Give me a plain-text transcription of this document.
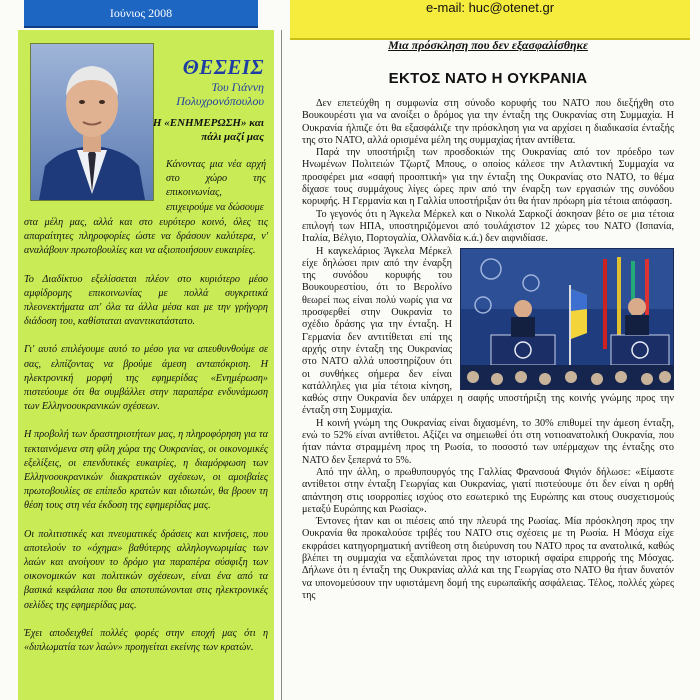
Ιούνιος 2008	e-mail: huc@otenet.gr
ΘΕΣΕΙΣ
Του Γιάννη Πολυχρονόπουλου
Η «ΕΝΗΜΕΡΩΣΗ» και πάλι μαζί μας
Κάνοντας μια νέα αρχή στο χώρο της επικοινωνίας, επιχειρούμε να δώσουμε

στα μέλη μας, αλλά και στο ευρύτερο κοινό, όλες τις απαραίτητες πληροφορίες ώστε να δράσουν καλύτερα, ν' αναλάβουν πρωτοβουλίες και να αξιοποιήσουν ευκαιρίες.

Το Διαδίκτυο εξελίσσεται πλέον στο κυριότερο μέσο αμφίδρομης επικοινωνίας με πολλά συγκριτικά πλεονεκτήματα απ' όλα τα άλλα μέσα και με την γρήγορη διάδοση του, καθίσταται αναντικατάστατο.

Γι' αυτό επιλέγουμε αυτό το μέσο για να απευθυνθούμε σε σας, ελπίζοντας να βρούμε άμεση ανταπόκριση. Η ηλεκτρονική μορφή της εφημερίδας «Ενημέρωση» πιστεύουμε ότι θα συμβάλλει στην παραπέρα ενδυνάμωση των Ελληνοουκρανικών σχέσεων.

Η προβολή των δραστηριοτήτων μας, η πληροφόρηση για τα τεκταινόμενα στη φίλη χώρα της Ουκρανίας, οι οικονομικές εξελίξεις, οι επενδυτικές ευκαιρίες, η διαμόρφωση των Ελληνοουκρανικών διακρατικών σχέσεων, οι αμοιβαίες πρωτοβουλίες σε επίπεδο κρατών και ιδιωτών, θα βρουν τη θέση τους στη νέα έκδοση της εφημερίδας μας.

Οι πολιτιστικές και πνευματικές δράσεις και κινήσεις, που αποτελούν το «όχημα» βαθύτερης αλληλογνωριμίας των λαών και ανοίγουν το δρόμο για παραπέρα σύσφιξη των οικονομικών και πολιτικών σχέσεων, είναι ένα από τα βασικά κεφάλαια που θα αποτυπώνονται στις ηλεκτρονικές σελίδες της εφημερίδας μας.

Έχει αποδειχθεί πολλές φορές στην εποχή μας ότι η «διπλωματία των λαών» προηγείται εκείνης των κρατών.

Μια πρόσκληση που δεν εξασφαλίσθηκε
ΕΚΤΟΣ ΝΑΤΟ Η ΟΥΚΡΑΝΙΑ

Δεν επετεύχθη η συμφωνία στη σύνοδο κορυφής του ΝΑΤΟ που διεξήχθη στο Βουκουρέστι για να ανοίξει ο δρόμος για την ένταξη της Ουκρανίας στη Συμμαχία. Η Ουκρανία ήλπιζε ότι θα εξασφάλιζε την πρόσκληση για να αρχίσει η διαδικασία ένταξής της στο ΝΑΤΟ, αλλά ορισμένα μέλη της συμμαχίας ήταν αντίθετα.

Παρά την υποστήριξη των προσδοκιών της Ουκρανίας από τον πρόεδρο των Ηνωμένων Πολιτειών Τζωρτζ Μπους, ο οποίος κάλεσε την Ατλαντική Συμμαχία να προσφέρει μια «σαφή προοπτική» για την ένταξη της Ουκρανίας στο ΝΑΤΟ, το θέμα δίχασε τους συμμάχους λίγες ώρες πριν από την έναρξη των εργασιών της συνόδου κορυφής. Η Γερμανία και η Γαλλία υποστήριξαν ότι θα ήταν πρόωρη μία τέτοια απόφαση.

Το γεγονός ότι η Άγκελα Μέρκελ και ο Νικολά Σαρκοζί άσκησαν βέτο σε μια τέτοια επιλογή των ΗΠΑ, υποστηριζόμενοι από τουλάχιστον 12 χώρες του ΝΑΤΟ (Ισπανία, Ιταλία, Βέλγιο, Πορτογαλία, Ολλανδία κ.ά.) δεν αιφνιδίασε.

Η καγκελάριος Άγκελα Μέρκελ είχε δηλώσει πριν από την έναρξη της συνόδου κορυφής του Βουκουρεστίου, ότι το Βερολίνο θεωρεί πως είναι πολύ νωρίς για να προσφερθεί στην Ουκρανία το σχέδιο δράσης για την ένταξη. Η Γερμανία δεν αντιτίθεται επί της αρχής στην ένταξη της Ουκρανίας στο ΝΑΤΟ αλλά υποστηρίζουν ότι οι συνθήκες σήμερα δεν είναι κατάλληλες για μία τέτοια κίνηση, καθώς στην Ουκρανία δεν υπάρχει η σαφής υποστήριξη της κοινής γνώμης προς την ένταξη στη Συμμαχία.

Η κοινή γνώμη της Ουκρανίας είναι διχασμένη, το 30% επιθυμεί την άμεση ένταξη, ενώ το 52% είναι αντίθετοι. Αξίζει να σημειωθεί ότι στη νοτιοανατολική Ουκρανία, που ήταν πάντα στραμμένη προς τη Ρωσία, το ποσοστό των υπέρμαχων της ένταξης στο ΝΑΤΟ δεν ξεπερνά το 5%.

Από την άλλη, ο πρωθυπουργός της Γαλλίας Φρανσουά Φιγιόν δήλωσε: «Είμαστε αντίθετοι στην ένταξη Γεωργίας και Ουκρανίας, γιατί πιστεύουμε ότι δεν είναι η ορθή απάντηση στις ισορροπίες ισχύος στο εσωτερικό της Ευρώπης και στους συσχετισμούς μεταξύ Ευρώπης και Ρωσίας».

Έντονες ήταν και οι πιέσεις από την πλευρά της Ρωσίας. Μία πρόσκληση προς την Ουκρανία θα προκαλούσε τριβές του ΝΑΤΟ στις σχέσεις με τη Ρωσία. Η Μόσχα είχε εκφράσει κατηγορηματική αντίθεση στη διεύρυνση του ΝΑΤΟ προς τα ανατολικά, καθώς βλέπει τη συμμαχία να εξαπλώνεται προς την ιστορική σφαίρα επιρροής της Μόσχας. Δήλωνε ότι η ένταξη της Ουκρανίας αλλά και της Γεωργίας στο ΝΑΤΟ θα ήταν δυνατόν να υπονομεύσουν την υφιστάμενη δομή της ευρωπαϊκής ασφάλειας. Τέλος, πολλές χώρες της
